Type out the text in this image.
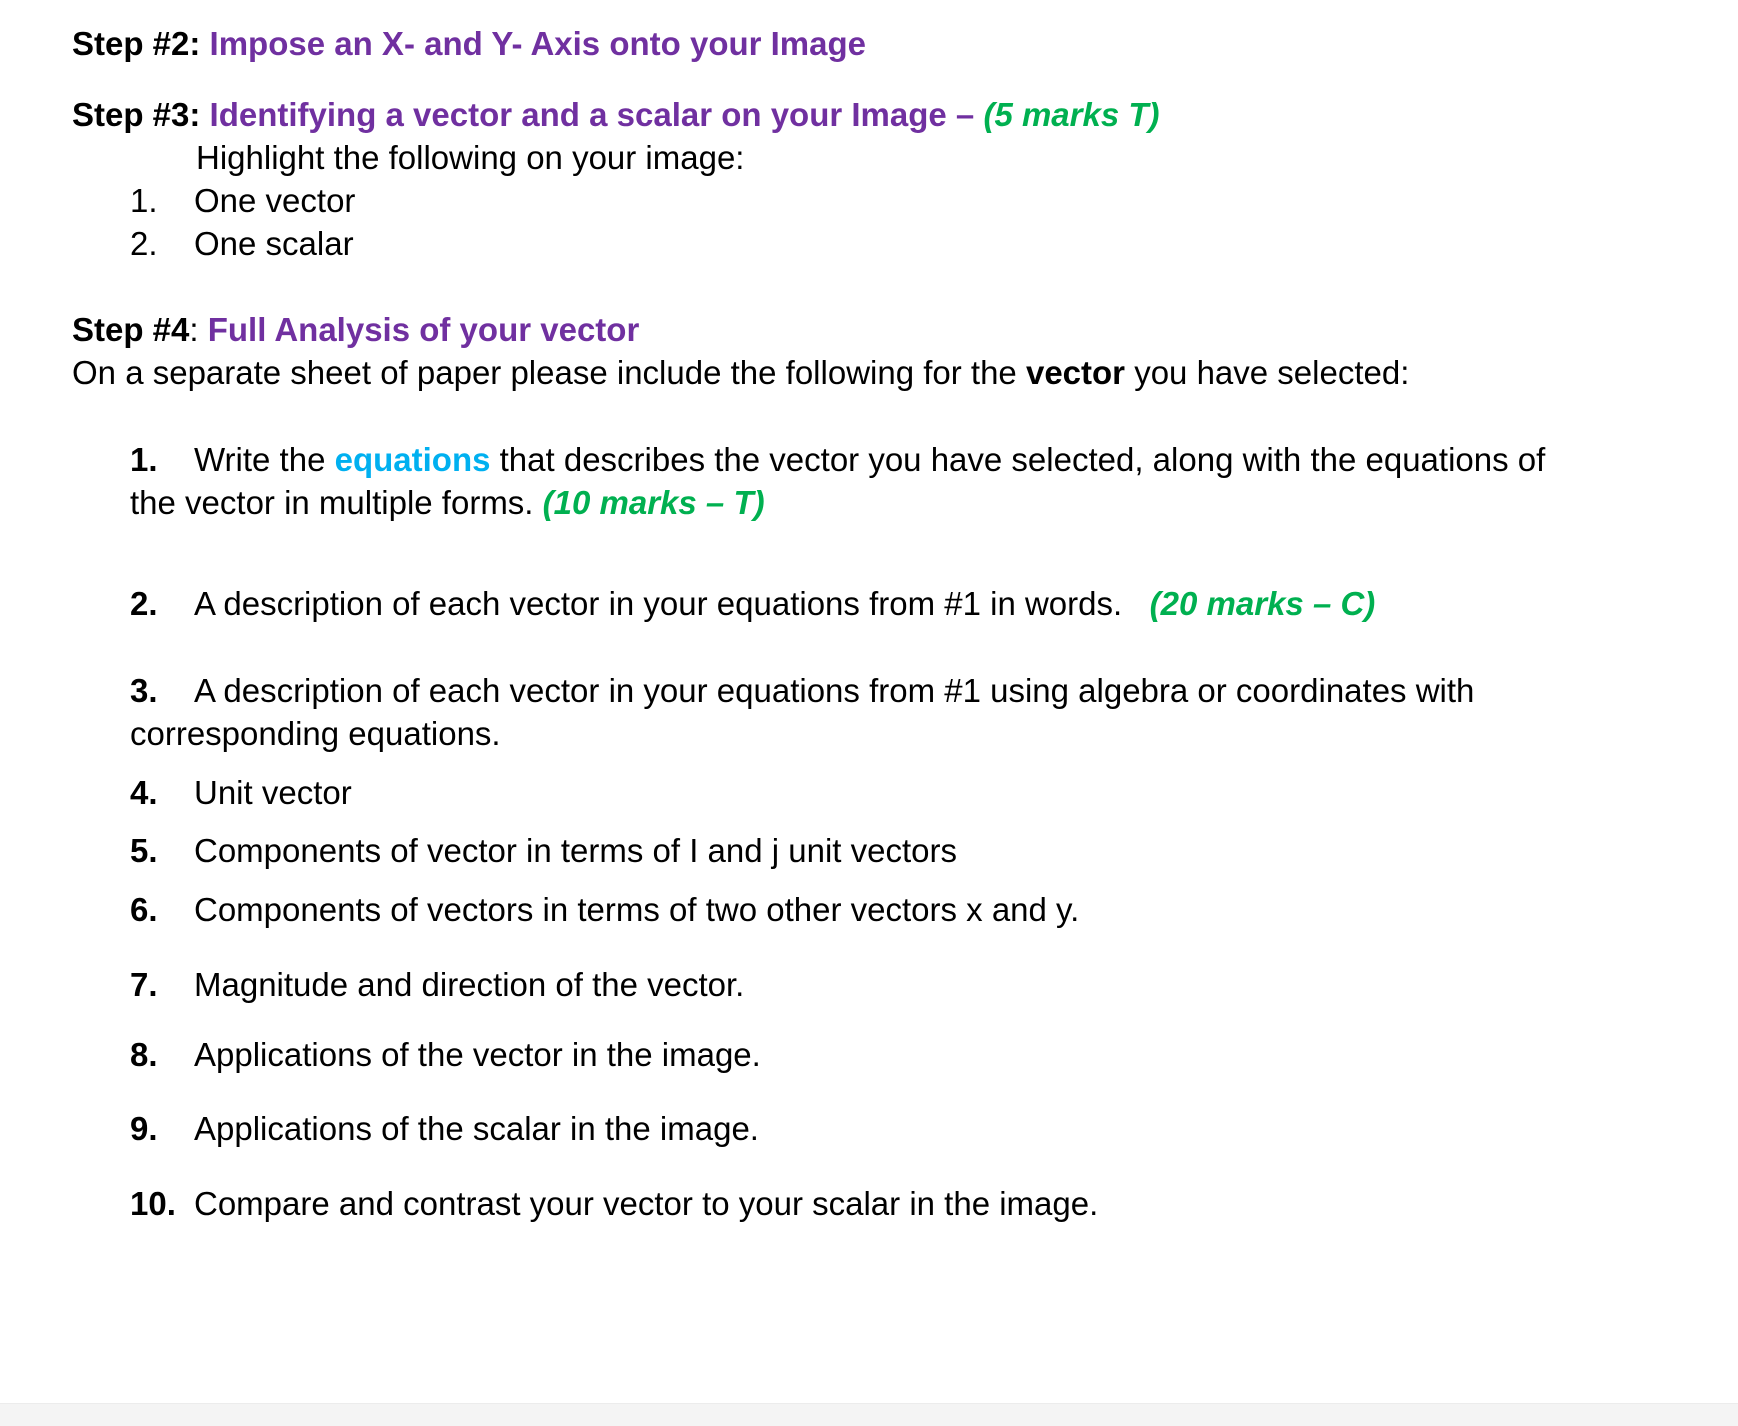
Step #2: Impose an X- and Y- Axis onto your Image
Step #3: Identifying a vector and a scalar on your Image – (5 marks T)
Highlight the following on your image:
1. One vector
2. One scalar
Step #4: Full Analysis of your vector
On a separate sheet of paper please include the following for the vector you have selected:
1. Write the equations that describes the vector you have selected, along with the equations of
the vector in multiple forms. (10 marks – T)
2. A description of each vector in your equations from #1 in words.   (20 marks – C)
3. A description of each vector in your equations from #1 using algebra or coordinates with
corresponding equations.
4. Unit vector
5. Components of vector in terms of I and j unit vectors
6. Components of vectors in terms of two other vectors x and y.
7. Magnitude and direction of the vector.
8. Applications of the vector in the image.
9. Applications of the scalar in the image.
10. Compare and contrast your vector to your scalar in the image.
